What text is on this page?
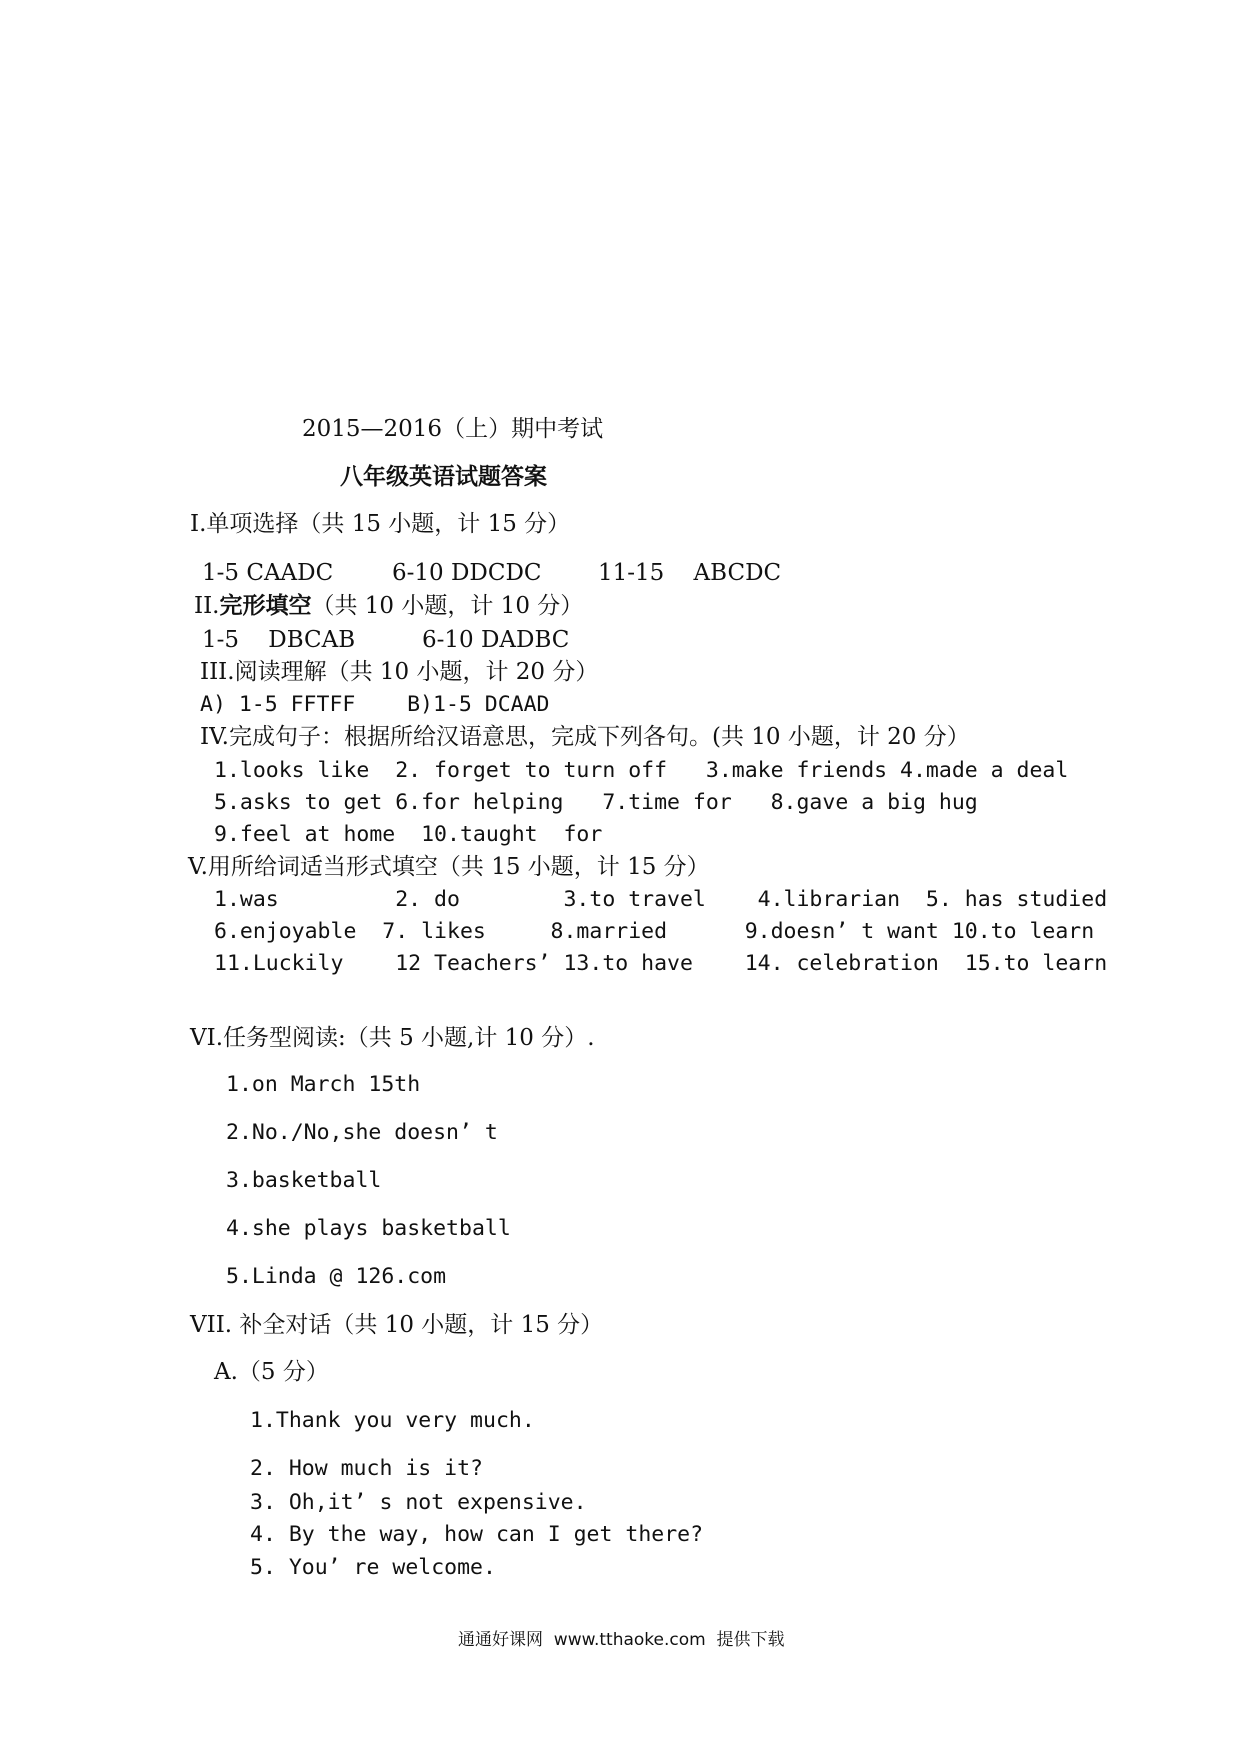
2015—2016（上）期中考试
八年级英语试题答案
I.单项选择（共 15 小题，计 15 分）
1-5 CAADC	6-10 DDCDC 11-15    ABCDC
II.完形填空（共 10 小题，计 10 分）
1-5    DBCAB	6-10 DADBC
III.阅读理解（共 10 小题，计 20 分）
A) 1-5 FFTFF    B)1-5 DCAAD
IV.完成句子：根据所给汉语意思，完成下列各句。(共 10 小题，计 20 分）
1.looks like  2. forget to turn off   3.make friends 4.made a deal
5.asks to get 6.for helping   7.time for   8.gave a big hug
9.feel at home  10.taught  for
V.用所给词适当形式填空（共 15 小题，计 15 分）
1.was         2. do        3.to travel    4.librarian  5. has studied
6.enjoyable  7. likes     8.married      9.doesn’ t want 10.to learn
11.Luckily    12 Teachers’ 13.to have    14. celebration  15.to learn
VI.任务型阅读:（共 5 小题,计 10 分）.
1.on March 15th
2.No./No,she doesn’ t
3.basketball
4.she plays basketball
5.Linda @ 126.com
VII. 补全对话（共 10 小题，计 15 分）
A.（5 分）
1.Thank you very much.
2. How much is it?
3. Oh,it’ s not expensive.
4. By the way, how can I get there?
5. You’ re welcome.
通通好课网  www.tthaoke.com  提供下载
